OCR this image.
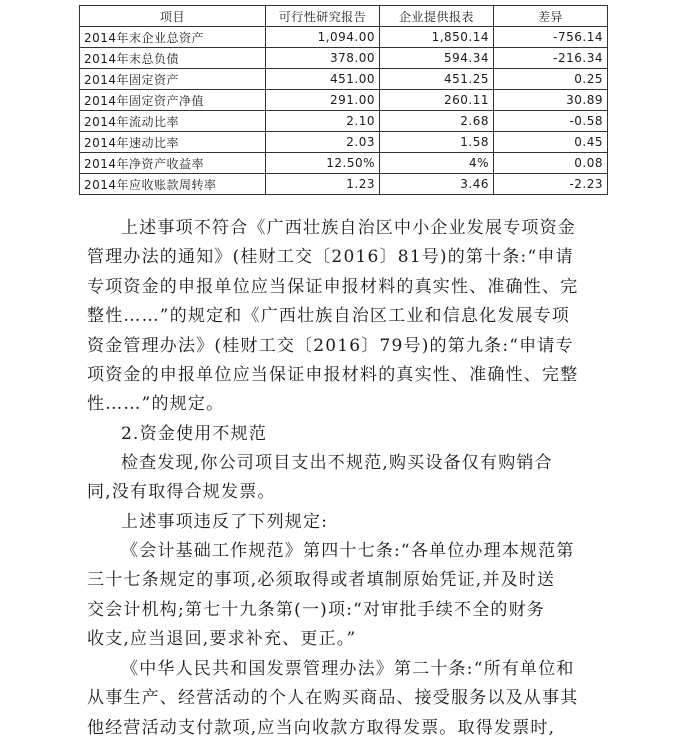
项目	可行性研究报告	企业提供报表	差异
2014年末企业总资产	1,094.00	1,850.14	-756.14
2014年末总负债	378.00	594.34	-216.34
2014年固定资产	451.00	451.25	0.25
2014年固定资产净值	291.00	260.11	30.89
2014年流动比率	2.10	2.68	-0.58
2014年速动比率	2.03	1.58	0.45
2014年净资产收益率	12.50%	4%	0.08
2014年应收账款周转率	1.23	3.46	-2.23

上述事项不符合《广西壮族自治区中小企业发展专项资金
管理办法的通知》(桂财工交〔2016〕81号)的第十条:“申请
专项资金的申报单位应当保证申报材料的真实性、准确性、完
整性……”的规定和《广西壮族自治区工业和信息化发展专项
资金管理办法》(桂财工交〔2016〕79号)的第九条:“申请专
项资金的申报单位应当保证申报材料的真实性、准确性、完整
性……”的规定。

2.资金使用不规范

检查发现,你公司项目支出不规范,购买设备仅有购销合
同,没有取得合规发票。

上述事项违反了下列规定:

《会计基础工作规范》第四十七条:“各单位办理本规范第
三十七条规定的事项,必须取得或者填制原始凭证,并及时送
交会计机构;第七十九条第(一)项:“对审批手续不全的财务
收支,应当退回,要求补充、更正。”

《中华人民共和国发票管理办法》第二十条:“所有单位和
从事生产、经营活动的个人在购买商品、接受服务以及从事其
他经营活动支付款项,应当向收款方取得发票。取得发票时,
